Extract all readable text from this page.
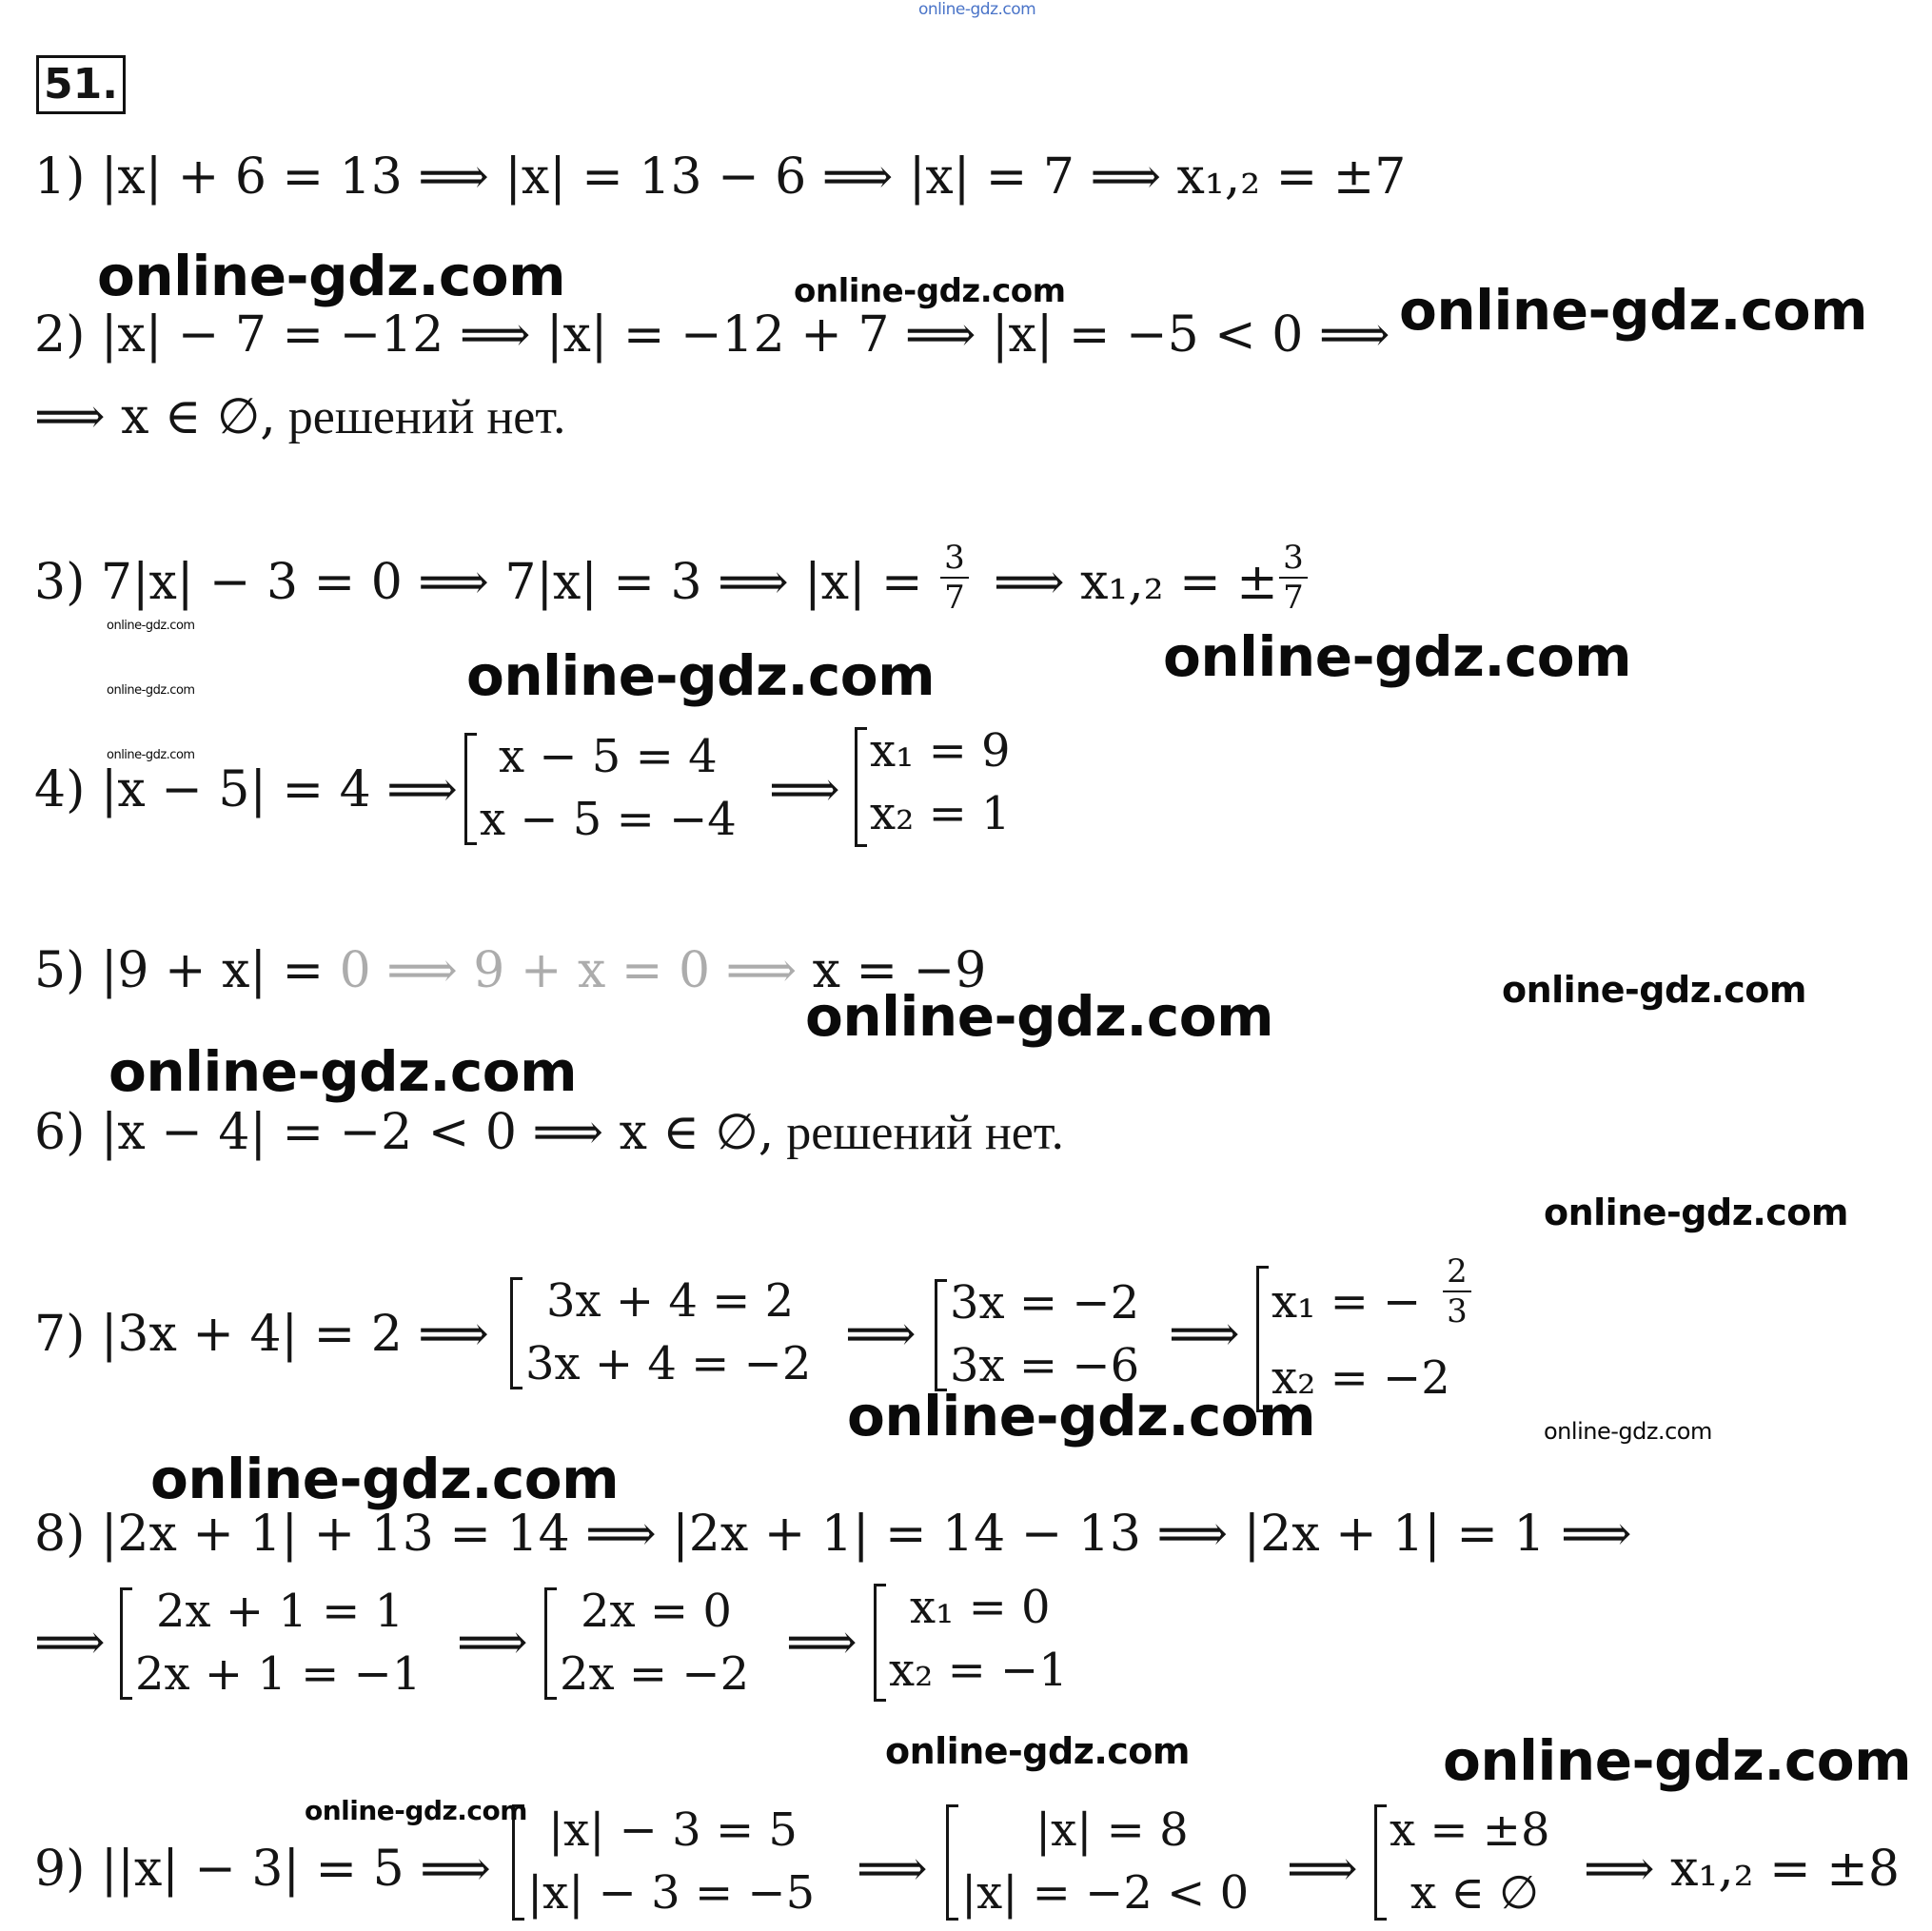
online-gdz.com
51.
1) |x| + 6 = 13 ⟹ |x| = 13 − 6 ⟹ |x| = 7 ⟹ x₁,₂ = ±7
2) |x| − 7 = −12 ⟹ |x| = −12 + 7 ⟹ |x| = −5 < 0 ⟹
⟹ x ∈ ∅, решений нет.
3) 7|x| − 3 = 0 ⟹ 7|x| = 3 ⟹ |x| = 3
7 ⟹ x₁,₂ = ± 3
7
4) |x − 5| = 4 ⟹
x − 5 = 4
x − 5 = −4
⟹
x₁ = 9
x₂ = 1
5) |9 + x| = 0 ⟹ 9 + x = 0 ⟹ x = −9
6) |x − 4| = −2 < 0 ⟹ x ∈ ∅, решений нет.
7) |3x + 4| = 2 ⟹
3x + 4 = 2
3x + 4 = −2
⟹
3x = −2
3x = −6
⟹
x₁ = −
x₂ = −2
2
3
8) |2x + 1| + 13 = 14 ⟹ |2x + 1| = 14 − 13 ⟹ |2x + 1| = 1 ⟹
⟹
2x + 1 = 1
2x + 1 = −1
⟹
2x = 0
2x = −2
⟹
x₁ = 0
x₂ = −1
9) ||x| − 3| = 5 ⟹
|x| − 3 = 5
|x| − 3 = −5 ⟹
|x| = 8
|x| = −2 < 0 ⟹
x = ±8
x ∈ ∅ ⟹ x₁,₂ = ±8
online-gdz.com	online-gdz.com	online-gdz.com
online-gdz.com
online-gdz.com
online-gdz.com
online-gdz.com
online-gdz.com
online-gdz.com
online-gdz.com
online-gdz.com
online-gdz.com
online-gdz.com	online-gdz.com
online-gdz.com
online-gdz.com	online-gdz.com
online-gdz.com
